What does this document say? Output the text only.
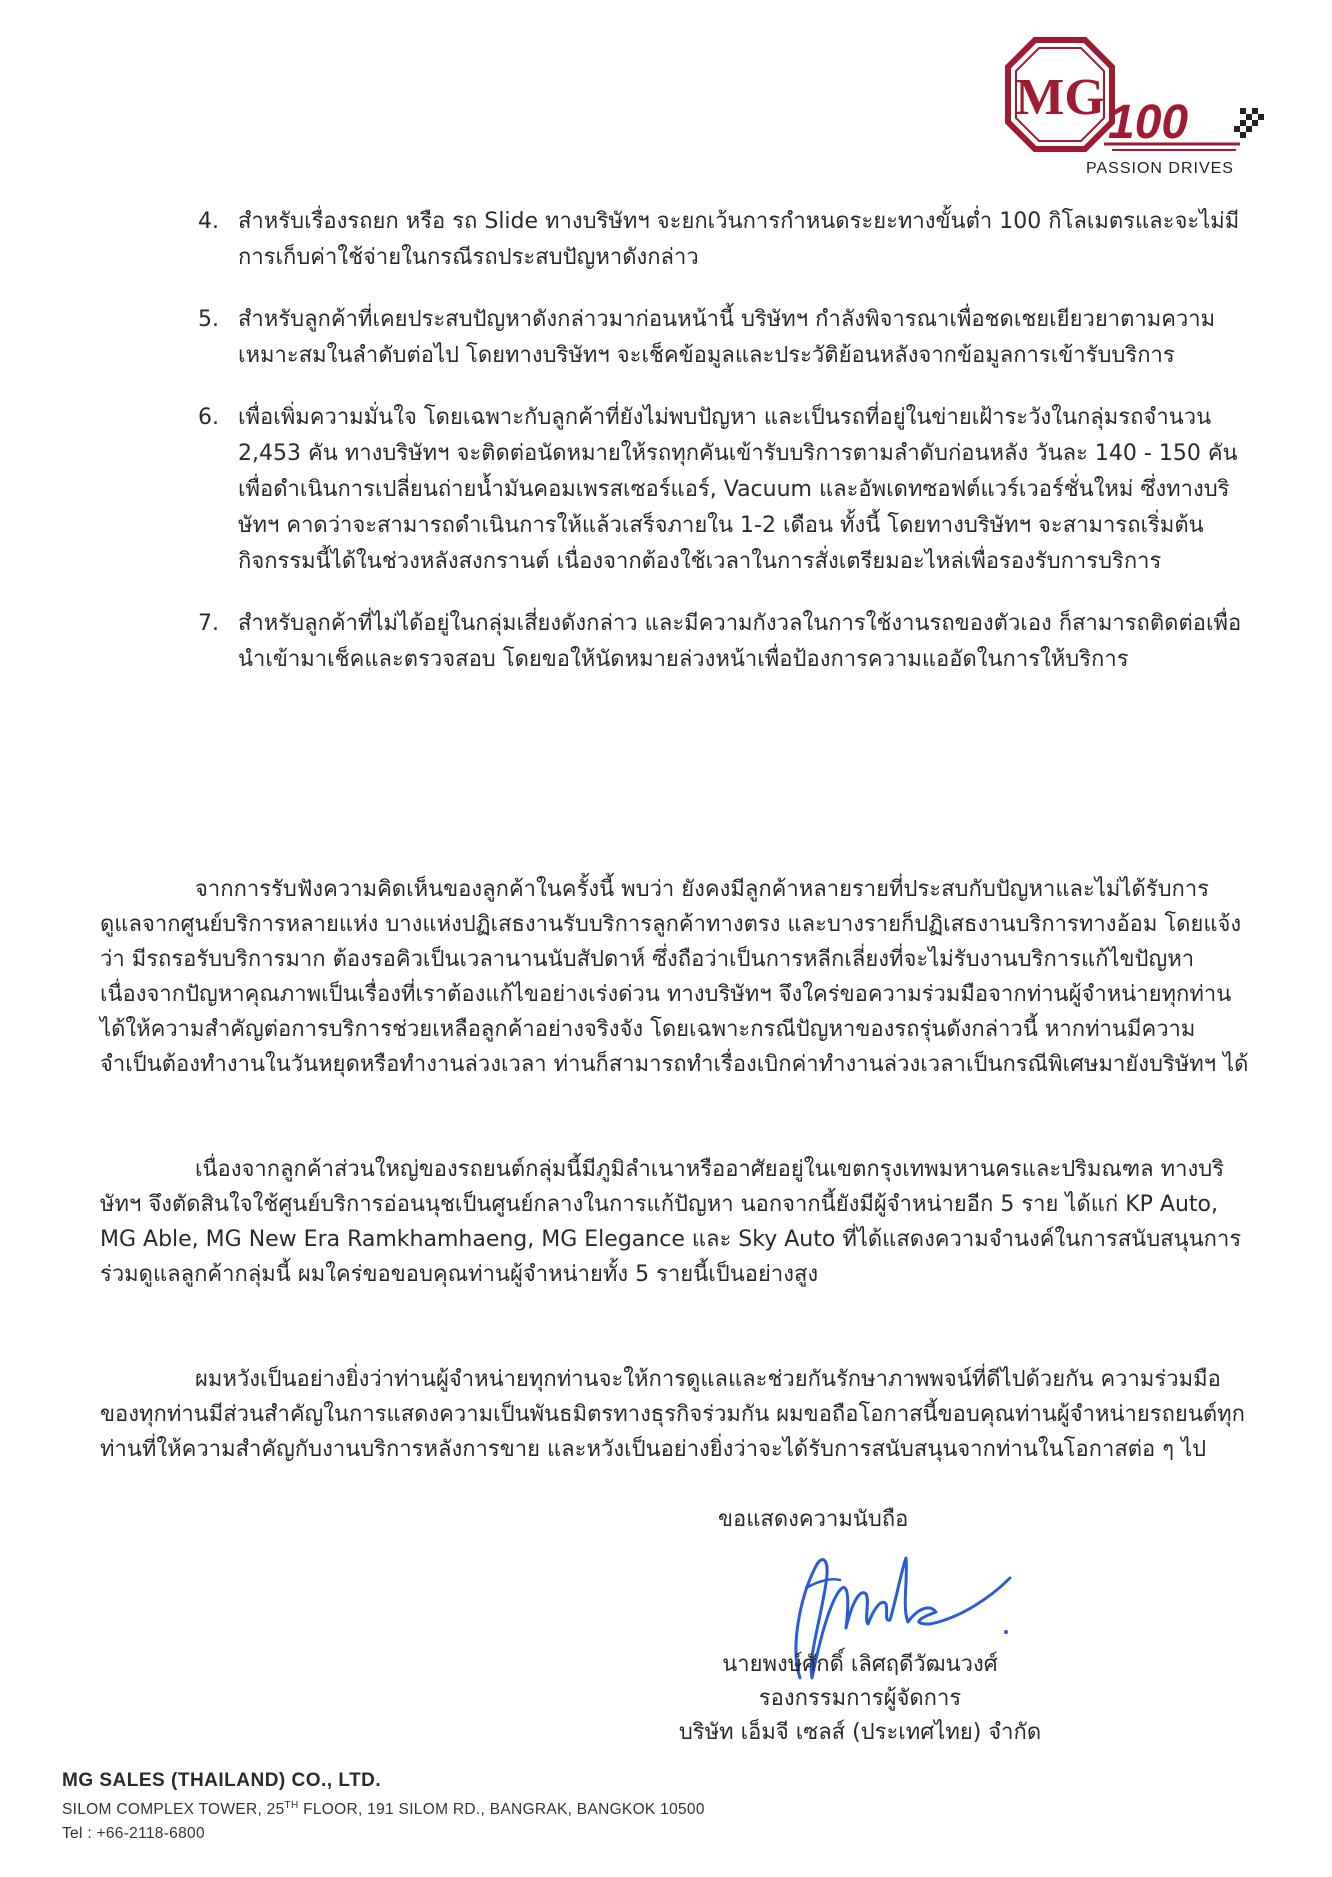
MG 100
PASSION DRIVES
4. สำหรับเรื่องรถยก หรือ รถ Slide ทางบริษัทฯ จะยกเว้นการกำหนดระยะทางขั้นต่ำ 100 กิโลเมตรและจะไม่มีการเก็บค่าใช้จ่ายในกรณีรถประสบปัญหาดังกล่าว
5. สำหรับลูกค้าที่เคยประสบปัญหาดังกล่าวมาก่อนหน้านี้ บริษัทฯ กำลังพิจารณาเพื่อชดเชยเยียวยาตามความเหมาะสมในลำดับต่อไป โดยทางบริษัทฯ จะเช็คข้อมูลและประวัติย้อนหลังจากข้อมูลการเข้ารับบริการ
6. เพื่อเพิ่มความมั่นใจ โดยเฉพาะกับลูกค้าที่ยังไม่พบปัญหา และเป็นรถที่อยู่ในข่ายเฝ้าระวังในกลุ่มรถจำนวน 2,453 คัน ทางบริษัทฯ จะติดต่อนัดหมายให้รถทุกคันเข้ารับบริการตามลำดับก่อนหลัง วันละ 140 - 150 คัน เพื่อดำเนินการเปลี่ยนถ่ายน้ำมันคอมเพรสเซอร์แอร์, Vacuum และอัพเดทซอฟต์แวร์เวอร์ชั่นใหม่ ซึ่งทางบริษัทฯ คาดว่าจะสามารถดำเนินการให้แล้วเสร็จภายใน 1-2 เดือน ทั้งนี้ โดยทางบริษัทฯ จะสามารถเริ่มต้นกิจกรรมนี้ได้ในช่วงหลังสงกรานต์ เนื่องจากต้องใช้เวลาในการสั่งเตรียมอะไหล่เพื่อรองรับการบริการ
7. สำหรับลูกค้าที่ไม่ได้อยู่ในกลุ่มเสี่ยงดังกล่าว และมีความกังวลในการใช้งานรถของตัวเอง ก็สามารถติดต่อเพื่อนำเข้ามาเช็คและตรวจสอบ โดยขอให้นัดหมายล่วงหน้าเพื่อป้องการความแออัดในการให้บริการ

จากการรับฟังความคิดเห็นของลูกค้าในครั้งนี้ พบว่า ยังคงมีลูกค้าหลายรายที่ประสบกับปัญหาและไม่ได้รับการดูแลจากศูนย์บริการหลายแห่ง บางแห่งปฏิเสธงานรับบริการลูกค้าทางตรง และบางรายก็ปฏิเสธงานบริการทางอ้อม โดยแจ้งว่า มีรถรอรับบริการมาก ต้องรอคิวเป็นเวลานานนับสัปดาห์ ซึ่งถือว่าเป็นการหลีกเลี่ยงที่จะไม่รับงานบริการแก้ไขปัญหา เนื่องจากปัญหาคุณภาพเป็นเรื่องที่เราต้องแก้ไขอย่างเร่งด่วน ทางบริษัทฯ จึงใคร่ขอความร่วมมือจากท่านผู้จำหน่ายทุกท่านได้ให้ความสำคัญต่อการบริการช่วยเหลือลูกค้าอย่างจริงจัง โดยเฉพาะกรณีปัญหาของรถรุ่นดังกล่าวนี้ หากท่านมีความจำเป็นต้องทำงานในวันหยุดหรือทำงานล่วงเวลา ท่านก็สามารถทำเรื่องเบิกค่าทำงานล่วงเวลาเป็นกรณีพิเศษมายังบริษัทฯ ได้

เนื่องจากลูกค้าส่วนใหญ่ของรถยนต์กลุ่มนี้มีภูมิลำเนาหรืออาศัยอยู่ในเขตกรุงเทพมหานครและปริมณฑล ทางบริษัทฯ จึงตัดสินใจใช้ศูนย์บริการอ่อนนุชเป็นศูนย์กลางในการแก้ปัญหา นอกจากนี้ยังมีผู้จำหน่ายอีก 5 ราย ได้แก่ KP Auto, MG Able, MG New Era Ramkhamhaeng, MG Elegance และ Sky Auto ที่ได้แสดงความจำนงค์ในการสนับสนุนการร่วมดูแลลูกค้ากลุ่มนี้ ผมใคร่ขอขอบคุณท่านผู้จำหน่ายทั้ง 5 รายนี้เป็นอย่างสูง

ผมหวังเป็นอย่างยิ่งว่าท่านผู้จำหน่ายทุกท่านจะให้การดูแลและช่วยกันรักษาภาพพจน์ที่ดีไปด้วยกัน ความร่วมมือของทุกท่านมีส่วนสำคัญในการแสดงความเป็นพันธมิตรทางธุรกิจร่วมกัน ผมขอถือโอกาสนี้ขอบคุณท่านผู้จำหน่ายรถยนต์ทุกท่านที่ให้ความสำคัญกับงานบริการหลังการขาย และหวังเป็นอย่างยิ่งว่าจะได้รับการสนับสนุนจากท่านในโอกาสต่อ ๆ ไป

ขอแสดงความนับถือ
นายพงษ์ศักดิ์ เลิศฤดีวัฒนวงศ์
รองกรรมการผู้จัดการ
บริษัท เอ็มจี เซลส์ (ประเทศไทย) จำกัด
MG SALES (THAILAND) CO., LTD.
SILOM COMPLEX TOWER, 25TH FLOOR, 191 SILOM RD., BANGRAK, BANGKOK 10500
Tel : +66-2118-6800
